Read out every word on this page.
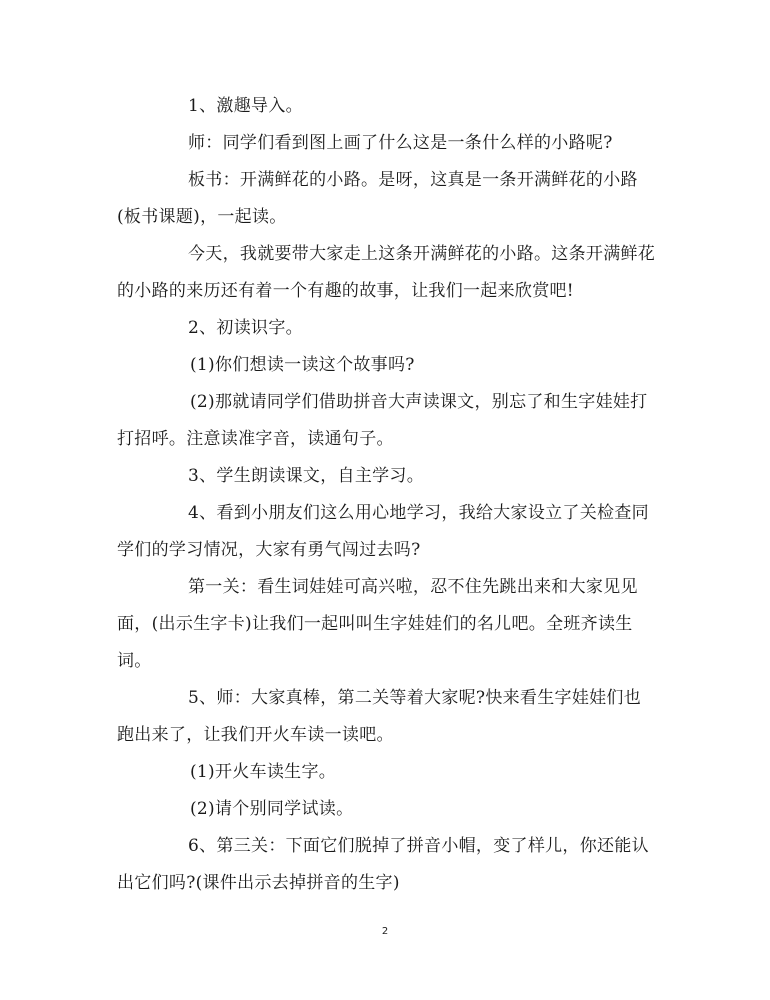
1、激趣导入。

师：同学们看到图上画了什么这是一条什么样的小路呢?

板书：开满鲜花的小路。是呀，这真是一条开满鲜花的小路(板书课题)，一起读。

今天，我就要带大家走上这条开满鲜花的小路。这条开满鲜花的小路的来历还有着一个有趣的故事，让我们一起来欣赏吧!

2、初读识字。

(1)你们想读一读这个故事吗?

(2)那就请同学们借助拼音大声读课文，别忘了和生字娃娃打打招呼。注意读准字音，读通句子。

3、学生朗读课文，自主学习。

4、看到小朋友们这么用心地学习，我给大家设立了关检查同学们的学习情况，大家有勇气闯过去吗?

第一关：看生词娃娃可高兴啦，忍不住先跳出来和大家见见面，(出示生字卡)让我们一起叫叫生字娃娃们的名儿吧。全班齐读生词。

5、师：大家真棒，第二关等着大家呢?快来看生字娃娃们也跑出来了，让我们开火车读一读吧。

(1)开火车读生字。

(2)请个别同学试读。

6、第三关：下面它们脱掉了拼音小帽，变了样儿，你还能认出它们吗?(课件出示去掉拼音的生字)

2
